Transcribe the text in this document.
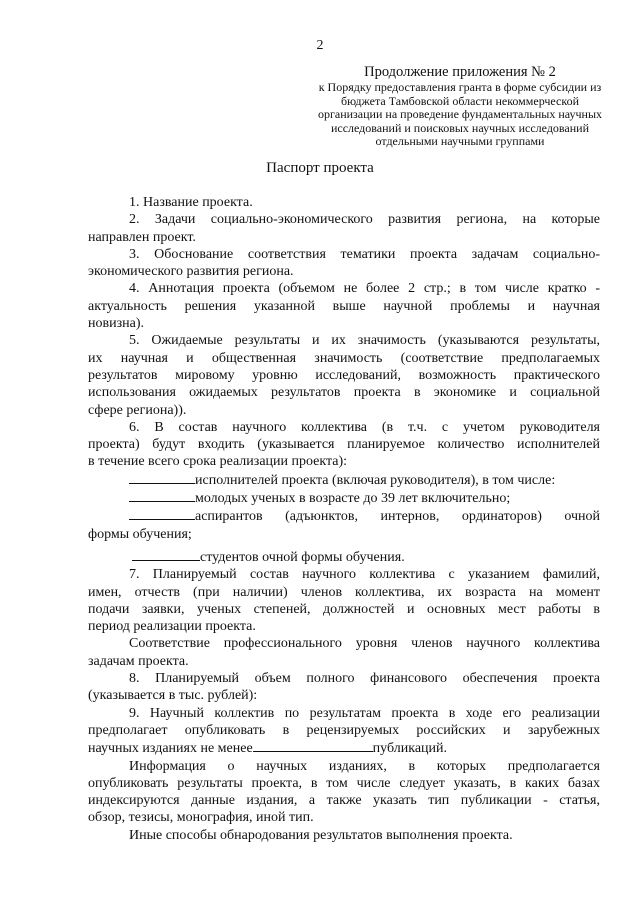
2
Продолжение приложения № 2
к Порядку предоставления гранта в форме субсидии из
бюджета Тамбовской области некоммерческой
организации на проведение фундаментальных научных
исследований и поисковых научных исследований
отдельными научными группами
Паспорт проекта

1. Название проекта.

2. Задачи социально-экономического развития региона, на которые

направлен проект.

3. Обоснование соответствия тематики проекта задачам социально-

экономического развития региона.

4. Аннотация проекта (объемом не более 2 стр.; в том числе кратко -

актуальность решения указанной выше научной проблемы и научная

новизна).

5. Ожидаемые результаты и их значимость (указываются результаты,

их научная и общественная значимость (соответствие предполагаемых

результатов мировому уровню исследований, возможность практического

использования ожидаемых результатов проекта в экономике и социальной

сфере региона)).

6. В состав научного коллектива (в т.ч. с учетом руководителя

проекта) будут входить (указывается планируемое количество исполнителей

в течение всего срока реализации проекта):

исполнителей проекта (включая руководителя), в том числе:

молодых ученых в возрасте до 39 лет включительно;

аспирантов (адъюнктов, интернов, ординаторов) очной

формы обучения;

студентов очной формы обучения.

7. Планируемый состав научного коллектива с указанием фамилий,

имен, отчеств (при наличии) членов коллектива, их возраста на момент

подачи заявки, ученых степеней, должностей и основных мест работы в

период реализации проекта.

Соответствие профессионального уровня членов научного коллектива

задачам проекта.

8. Планируемый объем полного финансового обеспечения проекта

(указывается в тыс. рублей):

9. Научный коллектив по результатам проекта в ходе его реализации

предполагает опубликовать в рецензируемых российских и зарубежных

научных изданиях не менее	публикаций.

Информация о научных изданиях, в которых предполагается

опубликовать результаты проекта, в том числе следует указать, в каких базах

индексируются данные издания, а также указать тип публикации - статья,

обзор, тезисы, монография, иной тип.

Иные способы обнародования результатов выполнения проекта.
